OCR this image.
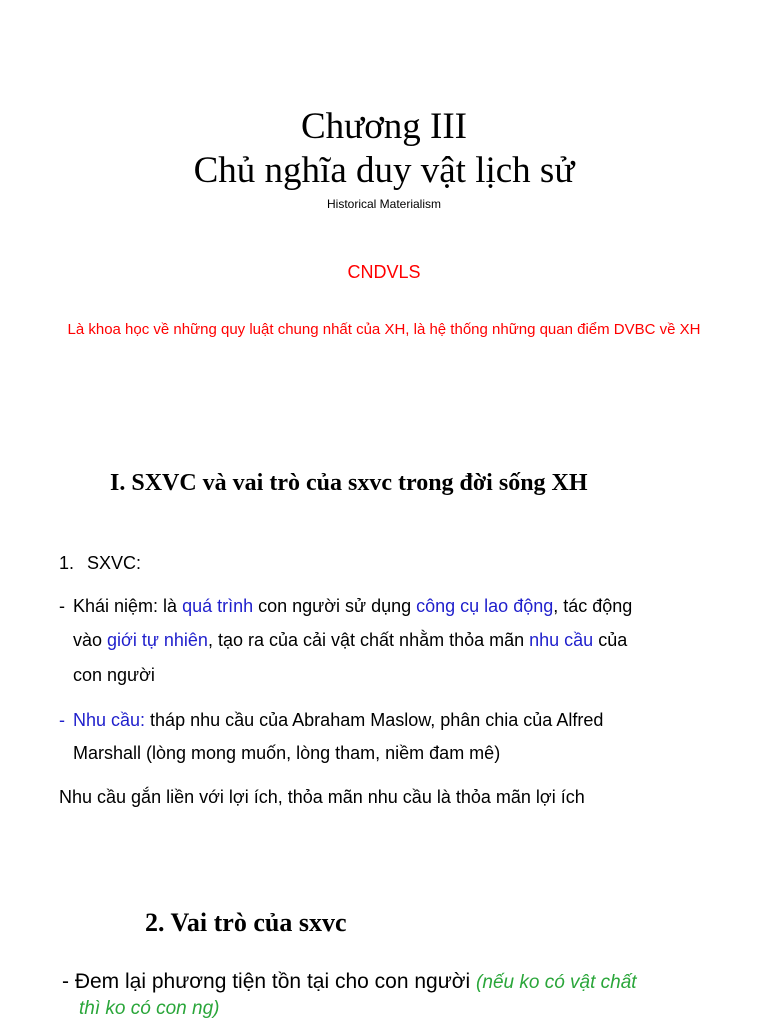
Chương III
Chủ nghĩa duy vật lịch sử
Historical Materialism
CNDVLS
Là khoa học về những quy luật chung nhất của XH, là hệ thống những quan điểm DVBC về XH
I. SXVC và vai trò của sxvc trong đời sống XH
1. SXVC:
- Khái niệm: là quá trình con người sử dụng công cụ lao động, tác động
vào giới tự nhiên, tạo ra của cải vật chất nhằm thỏa mãn nhu cầu của
con người
- Nhu cầu: tháp nhu cầu của Abraham Maslow, phân chia của Alfred
Marshall (lòng mong muốn, lòng tham, niềm đam mê)
Nhu cầu gắn liền với lợi ích, thỏa mãn nhu cầu là thỏa mãn lợi ích
2. Vai trò của sxvc
- Đem lại phương tiện tồn tại cho con người (nếu ko có vật chất
thì ko có con ng)
